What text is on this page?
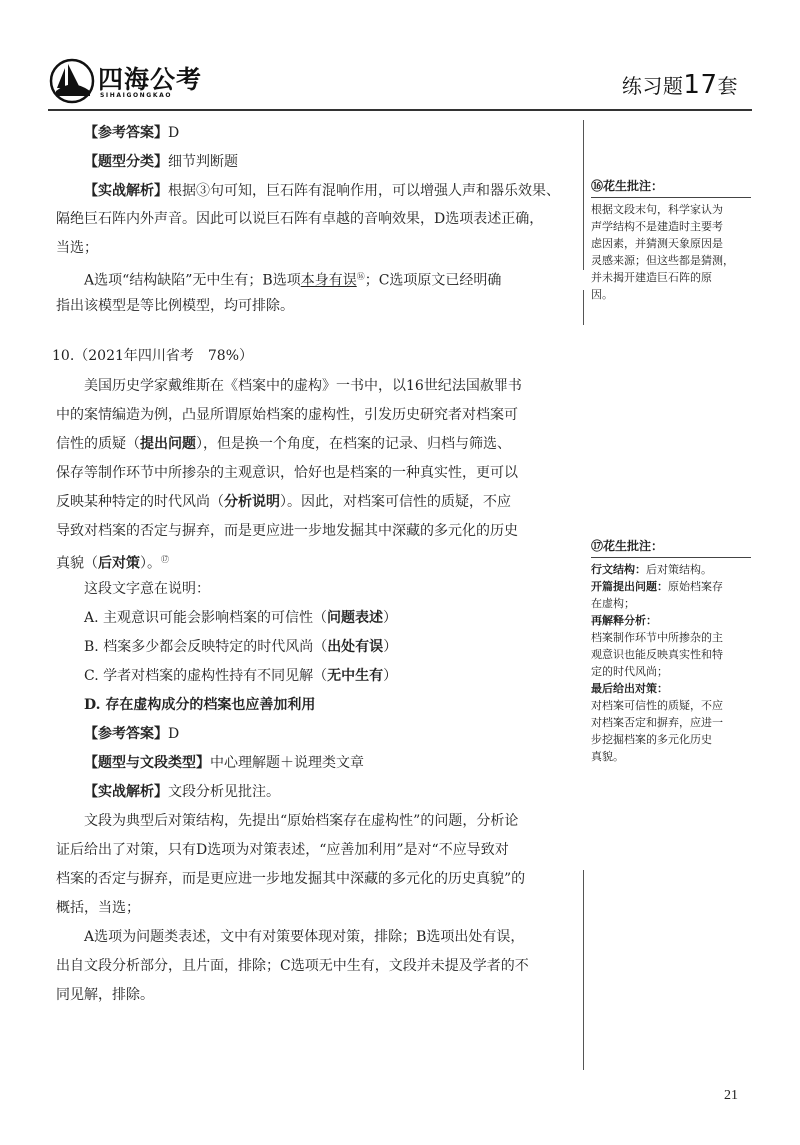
四海公考
SIHAIGONGKAO	练习题17套
【参考答案】D
【题型分类】细节判断题
【实战解析】根据③句可知，巨石阵有混响作用，可以增强人声和器乐效果、
隔绝巨石阵内外声音。因此可以说巨石阵有卓越的音响效果，D选项表述正确，
当选；
A选项“结构缺陷”无中生有；B选项本身有误⑯；C选项原文已经明确
指出该模型是等比例模型，均可排除。
10.（2021年四川省考　78%）
美国历史学家戴维斯在《档案中的虚构》一书中，以16世纪法国赦罪书
中的案情编造为例，凸显所谓原始档案的虚构性，引发历史研究者对档案可
信性的质疑（提出问题），但是换一个角度，在档案的记录、归档与筛选、
保存等制作环节中所掺杂的主观意识，恰好也是档案的一种真实性，更可以
反映某种特定的时代风尚（分析说明）。因此，对档案可信性的质疑，不应
导致对档案的否定与摒弃，而是更应进一步地发掘其中深藏的多元化的历史
真貌（后对策）。⑰
这段文字意在说明：
A. 主观意识可能会影响档案的可信性（问题表述）
B. 档案多少都会反映特定的时代风尚（出处有误）
C. 学者对档案的虚构性持有不同见解（无中生有）
D. 存在虚构成分的档案也应善加利用
【参考答案】D
【题型与文段类型】中心理解题＋说理类文章
【实战解析】文段分析见批注。
文段为典型后对策结构，先提出“原始档案存在虚构性”的问题，分析论
证后给出了对策，只有D选项为对策表述，“应善加利用”是对“不应导致对
档案的否定与摒弃，而是更应进一步地发掘其中深藏的多元化的历史真貌”的
概括，当选；
A选项为问题类表述，文中有对策要体现对策，排除；B选项出处有误，
出自文段分析部分，且片面，排除；C选项无中生有，文段并未提及学者的不
同见解，排除。
⑯花生批注：
根据文段末句，科学家认为
声学结构不是建造时主要考
虑因素，并猜测天象原因是
灵感来源；但这些都是猜测，
并未揭开建造巨石阵的原
因。
⑰花生批注：
行文结构：后对策结构。
开篇提出问题：原始档案存
在虚构；
再解释分析：
档案制作环节中所掺杂的主
观意识也能反映真实性和特
定的时代风尚；
最后给出对策：
对档案可信性的质疑，不应
对档案否定和摒弃，应进一
步挖掘档案的多元化历史
真貌。
21
